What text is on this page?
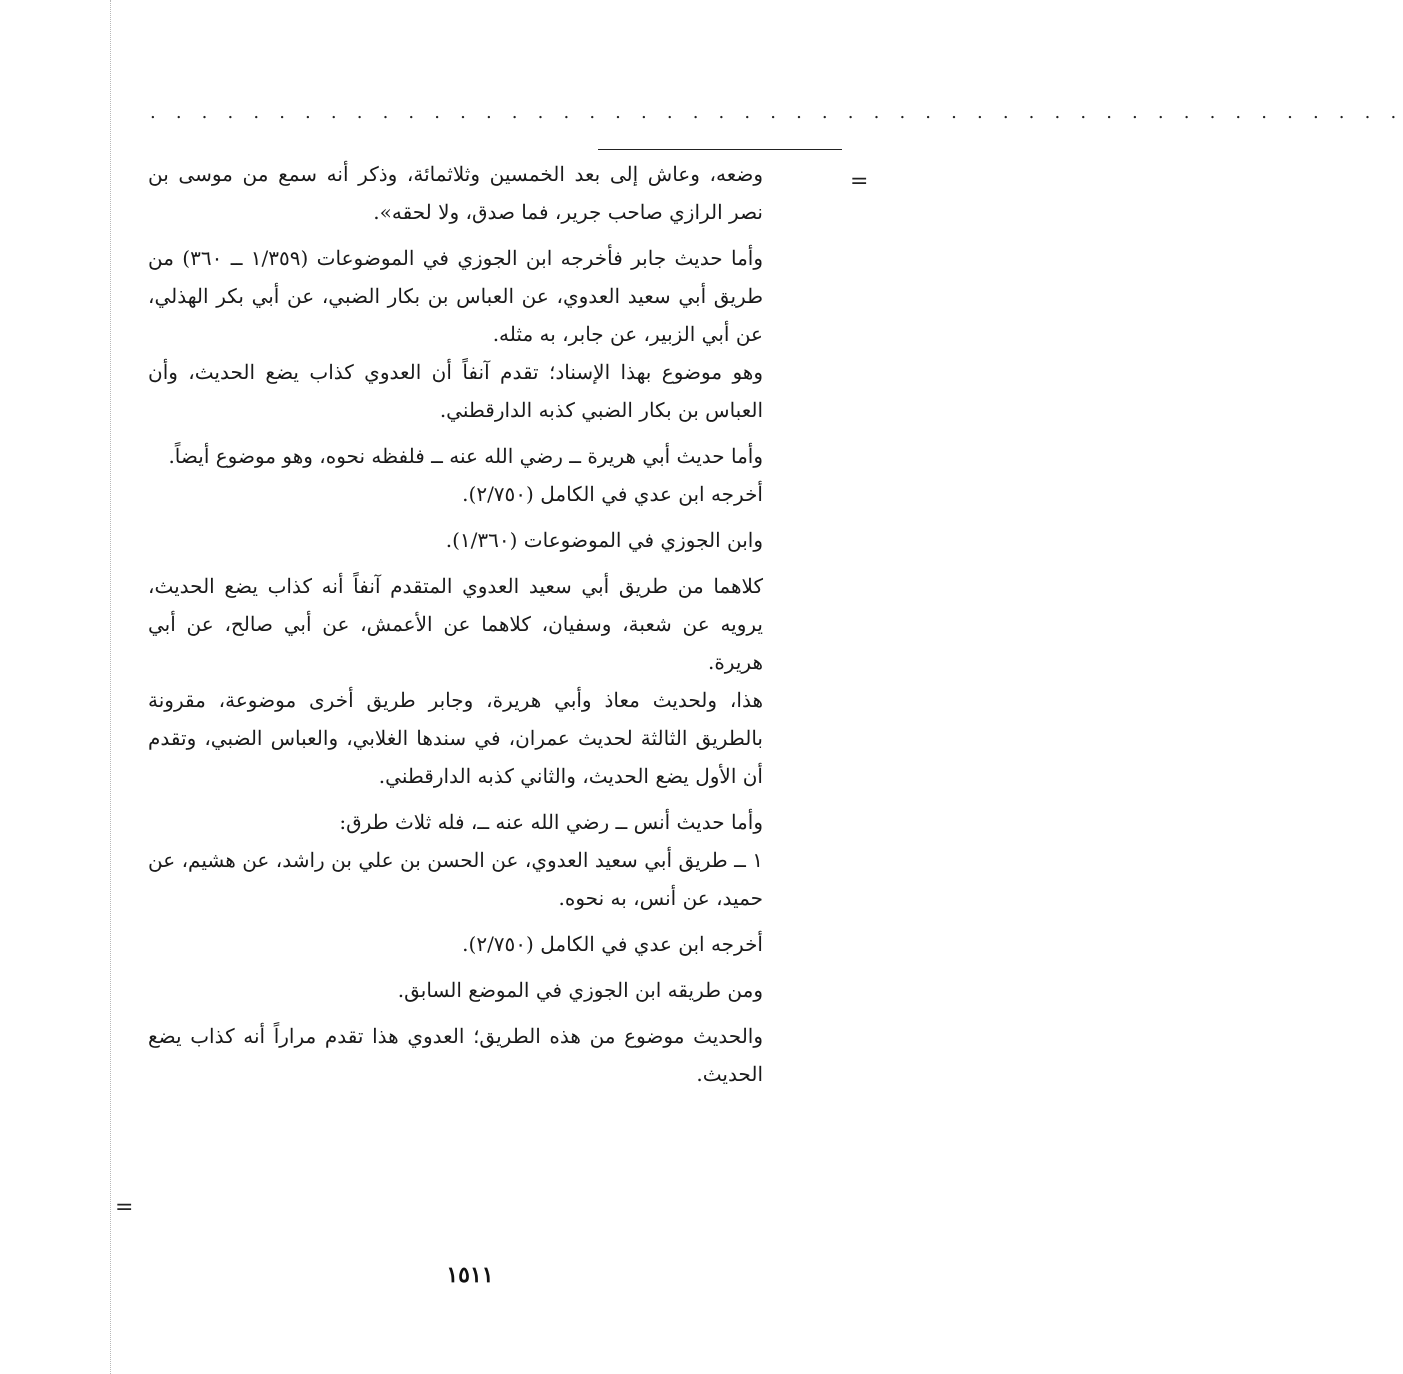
. . . . . . . . . . . . . . . . . . . . . . . . . . . . . . . . . . . . . . . . . . . . . . . . .
=
=

وضعه، وعاش إلى بعد الخمسين وثلاثمائة، وذكر أنه سمع من موسى بن نصر الرازي صاحب جرير، فما صدق، ولا لحقه».

وأما حديث جابر فأخرجه ابن الجوزي في الموضوعات (١/٣٥٩ ــ ٣٦٠) من طريق أبي سعيد العدوي، عن العباس بن بكار الضبي، عن أبي بكر الهذلي، عن أبي الزبير، عن جابر، به مثله.

وهو موضوع بهذا الإسناد؛ تقدم آنفاً أن العدوي كذاب يضع الحديث، وأن العباس بن بكار الضبي كذبه الدارقطني.

وأما حديث أبي هريرة ــ رضي الله عنه ــ فلفظه نحوه، وهو موضوع أيضاً.

أخرجه ابن عدي في الكامل (٢/٧٥٠).

وابن الجوزي في الموضوعات (١/٣٦٠).

كلاهما من طريق أبي سعيد العدوي المتقدم آنفاً أنه كذاب يضع الحديث، يرويه عن شعبة، وسفيان، كلاهما عن الأعمش، عن أبي صالح، عن أبي هريرة.

هذا، ولحديث معاذ وأبي هريرة، وجابر طريق أخرى موضوعة، مقرونة بالطريق الثالثة لحديث عمران، في سندها الغلابي، والعباس الضبي، وتقدم أن الأول يضع الحديث، والثاني كذبه الدارقطني.

وأما حديث أنس ــ رضي الله عنه ــ، فله ثلاث طرق:

١ ــ طريق أبي سعيد العدوي، عن الحسن بن علي بن راشد، عن هشيم، عن حميد، عن أنس، به نحوه.

أخرجه ابن عدي في الكامل (٢/٧٥٠).

ومن طريقه ابن الجوزي في الموضع السابق.

والحديث موضوع من هذه الطريق؛ العدوي هذا تقدم مراراً أنه كذاب يضع الحديث.

١٥١١
